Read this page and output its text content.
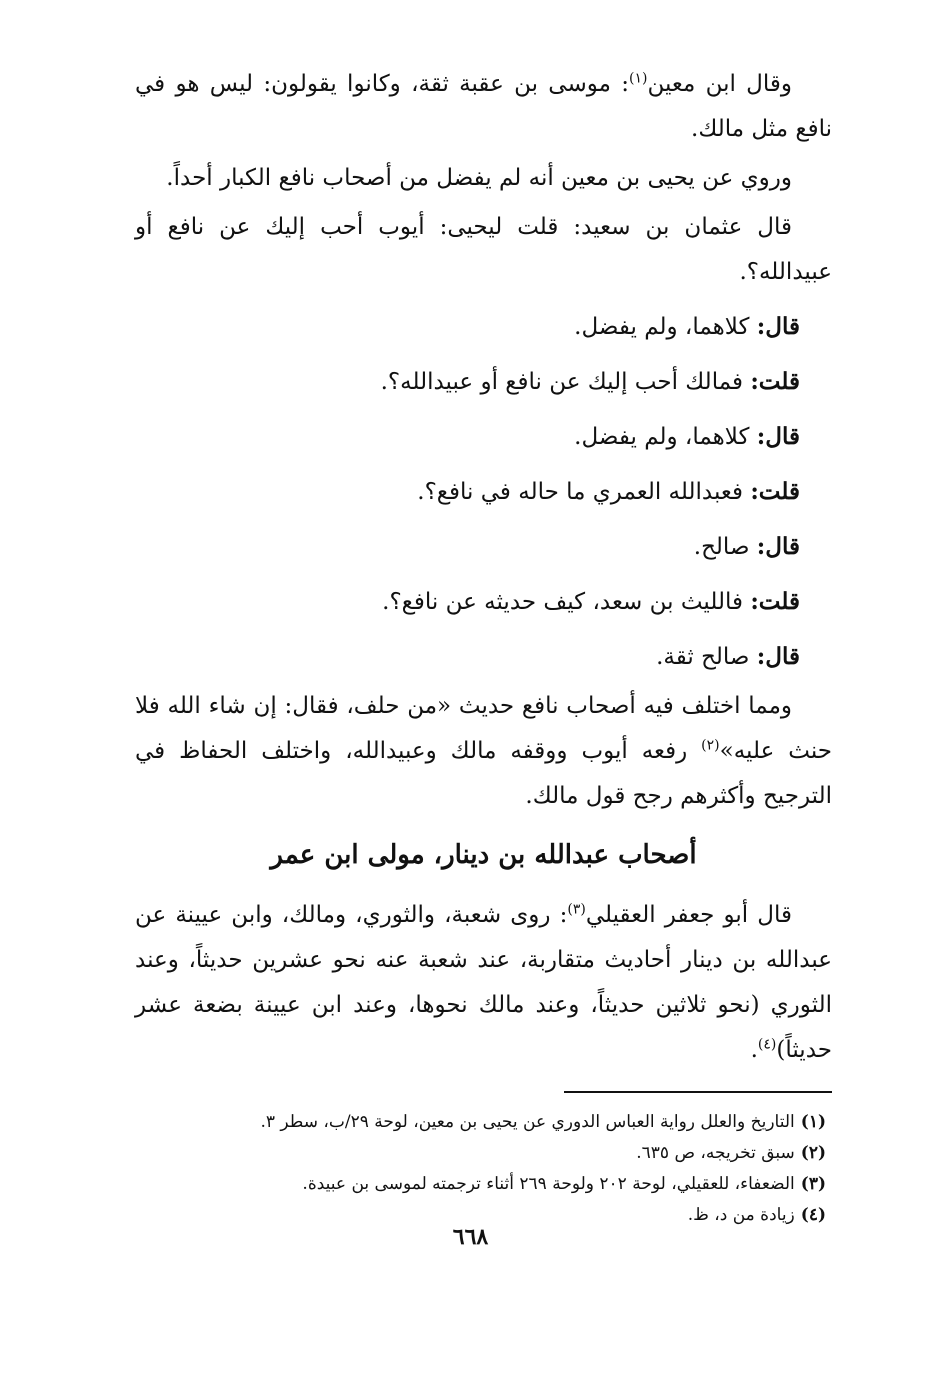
وقال ابن معين$^{(١)}$: موسى بن عقبة ثقة، وكانوا يقولون: ليس هو في نافع مثل مالك.

وروي عن يحيى بن معين أنه لم يفضل من أصحاب نافع الكبار أحداً.

قال عثمان بن سعيد: قلت ليحيى: أيوب أحب إليك عن نافع أو عبيدالله؟.

قال: كلاهما، ولم يفضل.
قلت: فمالك أحب إليك عن نافع أو عبيدالله؟.
قال: كلاهما، ولم يفضل.
قلت: فعبدالله العمري ما حاله في نافع؟.
قال: صالح.
قلت: فالليث بن سعد، كيف حديثه عن نافع؟.
قال: صالح ثقة.

ومما اختلف فيه أصحاب نافع حديث «من حلف، فقال: إن شاء الله فلا حنث عليه»$^{(٢)}$ رفعه أيوب ووقفه مالك وعبيدالله، واختلف الحفاظ في الترجيح وأكثرهم رجح قول مالك.

أصحاب عبدالله بن دينار، مولى ابن عمر

قال أبو جعفر العقيلي$^{(٣)}$: روى شعبة، والثوري، ومالك، وابن عيينة عن عبدالله بن دينار أحاديث متقاربة، عند شعبة عنه نحو عشرين حديثاً، وعند الثوري (نحو ثلاثين حديثاً، وعند مالك نحوها، وعند ابن عيينة بضعة عشر حديثاً)$^{(٤)}$.

(١)التاريخ والعلل رواية العباس الدوري عن يحيى بن معين، لوحة ٢٩/ب، سطر ٣.
(٢)سبق تخريجه، ص ٦٣٥.
(٣)الضعفاء، للعقيلي، لوحة ٢٠٢ ولوحة ٢٦٩ أثناء ترجمته لموسى بن عبيدة.
(٤)زيادة من د، ظ.
٦٦٨
